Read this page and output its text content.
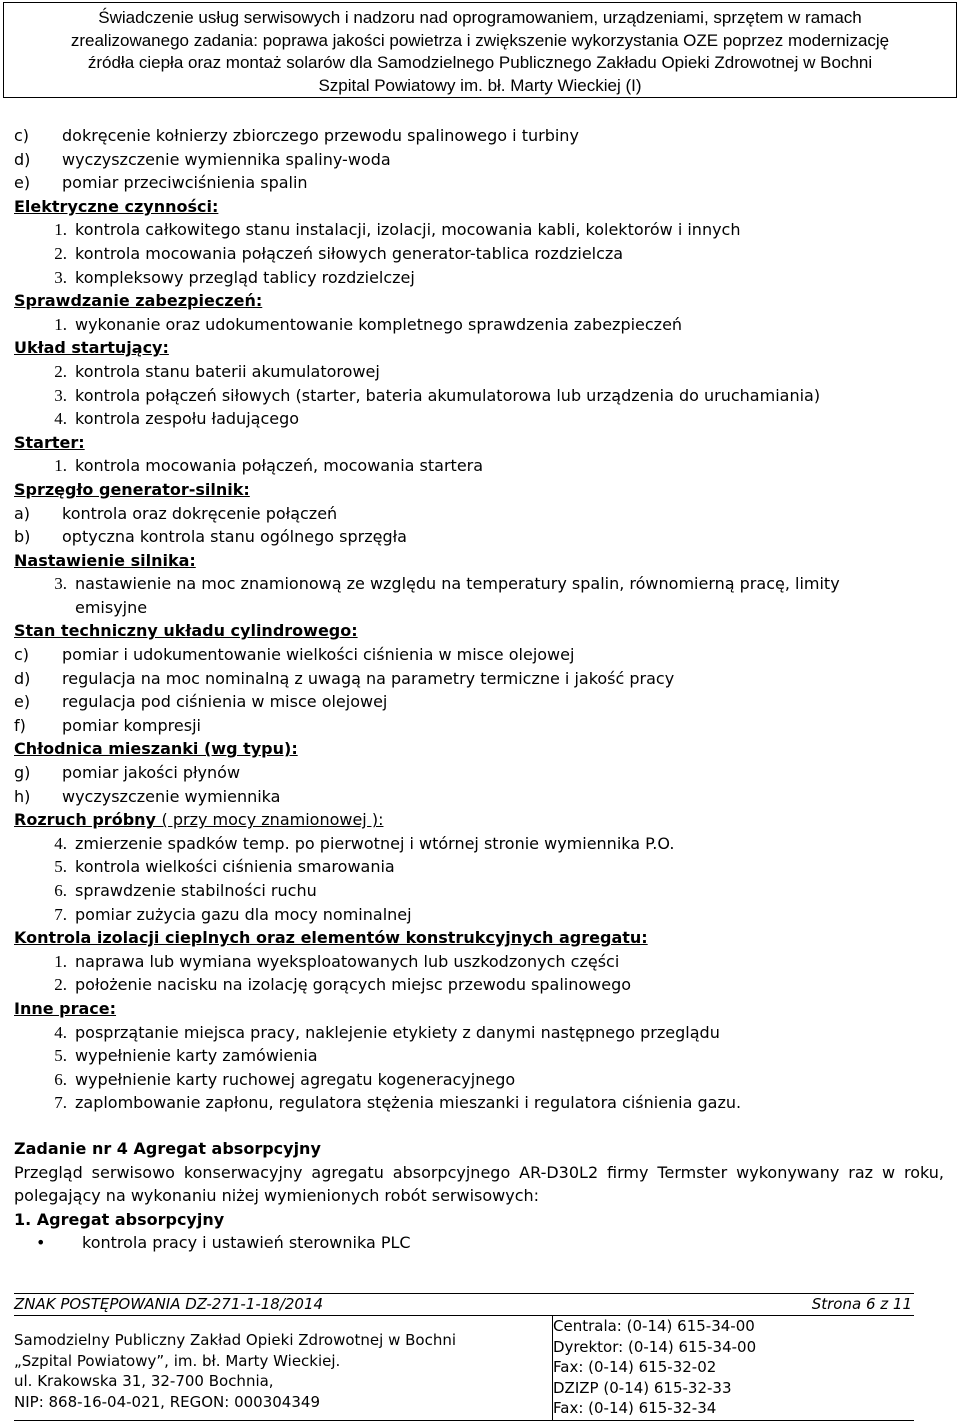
Świadczenie usług serwisowych i nadzoru nad oprogramowaniem, urządzeniami, sprzętem w ramach
zrealizowanego zadania: poprawa jakości powietrza i zwiększenie wykorzystania OZE poprzez modernizację
źródła ciepła oraz montaż solarów dla Samodzielnego Publicznego Zakładu Opieki Zdrowotnej w Bochni
Szpital Powiatowy im. bł. Marty Wieckiej (I)
c)	dokręcenie kołnierzy zbiorczego przewodu spalinowego i turbiny
d)	wyczyszczenie wymiennika spaliny-woda
e)	pomiar przeciwciśnienia spalin
Elektryczne czynności:
1. kontrola całkowitego stanu instalacji, izolacji, mocowania kabli, kolektorów i innych
2. kontrola mocowania połączeń siłowych generator-tablica rozdzielcza
3. kompleksowy przegląd tablicy rozdzielczej
Sprawdzanie zabezpieczeń:
1. wykonanie oraz udokumentowanie kompletnego sprawdzenia zabezpieczeń
Układ startujący:
2. kontrola stanu baterii akumulatorowej
3. kontrola połączeń siłowych (starter, bateria akumulatorowa lub urządzenia do uruchamiania)
4. kontrola zespołu ładującego
Starter:
1. kontrola mocowania połączeń, mocowania startera
Sprzęgło generator-silnik:
a)	kontrola oraz dokręcenie połączeń
b)	optyczna kontrola stanu ogólnego sprzęgła
Nastawienie silnika:
3. nastawienie na moc znamionową ze względu na temperatury spalin, równomierną pracę, limity
emisyjne
Stan techniczny układu cylindrowego:
c)	pomiar i udokumentowanie wielkości ciśnienia w misce olejowej
d)	regulacja na moc nominalną z uwagą na parametry termiczne i jakość pracy
e)	regulacja pod ciśnienia w misce olejowej
f)	pomiar kompresji
Chłodnica mieszanki (wg typu):
g)	pomiar jakości płynów
h)	wyczyszczenie wymiennika
Rozruch próbny ( przy mocy znamionowej ):
4. zmierzenie spadków temp. po pierwotnej i wtórnej stronie wymiennika P.O.
5. kontrola wielkości ciśnienia smarowania
6. sprawdzenie stabilności ruchu
7. pomiar zużycia gazu dla mocy nominalnej
Kontrola izolacji cieplnych oraz elementów konstrukcyjnych agregatu:
1. naprawa lub wymiana wyeksploatowanych lub uszkodzonych części
2. położenie nacisku na izolację gorących miejsc przewodu spalinowego
Inne prace:
4. posprzątanie miejsca pracy, naklejenie etykiety z danymi następnego przeglądu
5. wypełnienie karty zamówienia
6. wypełnienie karty ruchowej agregatu kogeneracyjnego
7. zaplombowanie zapłonu, regulatora stężenia mieszanki i regulatora ciśnienia gazu.
Zadanie nr 4 Agregat absorpcyjny
Przegląd serwisowo konserwacyjny agregatu absorpcyjnego AR-D30L2 firmy Termster wykonywany raz w roku, polegający na wykonaniu niżej wymienionych robót serwisowych:
1. Agregat absorpcyjny
•	kontrola pracy i ustawień sterownika PLC
ZNAK POSTĘPOWANIA DZ-271-1-18/2014	Strona 6 z 11
Samodzielny Publiczny Zakład Opieki Zdrowotnej w Bochni
„Szpital Powiatowy”, im. bł. Marty Wieckiej.
ul. Krakowska 31, 32-700 Bochnia,
NIP: 868-16-04-021, REGON: 000304349
Centrala: (0-14) 615-34-00
Dyrektor: (0-14) 615-34-00
Fax: (0-14) 615-32-02
DZIZP (0-14) 615-32-33
Fax: (0-14) 615-32-34
